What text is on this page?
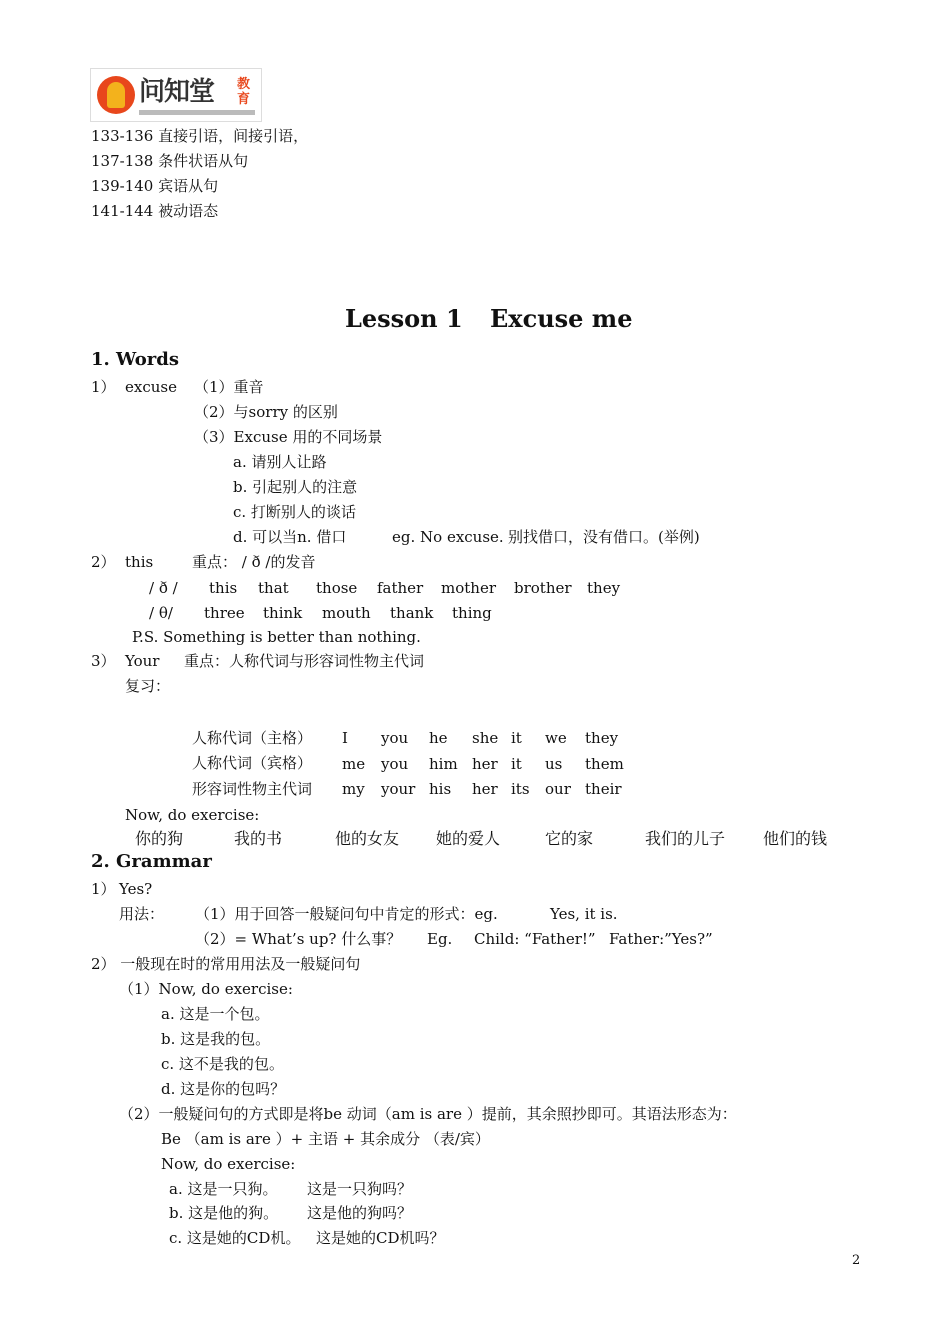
问知堂 教育
133-136 直接引语，间接引语，
137-138 条件状语从句
139-140 宾语从句
141-144 被动语态
Lesson 1 Excuse me
1. Words
1） excuse （1）重音
（2）与sorry 的区别
（3）Excuse 用的不同场景
a. 请别人让路
b. 引起别人的注意
c. 打断别人的谈话
d. 可以当n. 借口	eg. No excuse. 别找借口，没有借口。(举例)
2） this	重点： / ð /的发音
/ ð / this that those father mother brother they
/ θ/ three think mouth thank thing
P.S. Something is better than nothing.
3） Your 重点：人称代词与形容词性物主代词
复习：
人称代词（主格） I you he she it we they
人称代词（宾格） me you him her it us them
形容词性物主代词 my your his her its our their
Now, do exercise:
你的狗	我的书	他的女友 她的爱人	它的家	我们的儿子 他们的钱
2. Grammar
1） Yes?
用法： （1）用于回答一般疑问句中肯定的形式：eg.	Yes, it is.
（2）= What’s up? 什么事？ Eg. Child: “Father!” Father:”Yes?”
2） 一般现在时的常用用法及一般疑问句
（1）Now, do exercise:
a. 这是一个包。
b. 这是我的包。
c. 这不是我的包。
d. 这是你的包吗？
（2）一般疑问句的方式即是将be 动词（am is are ）提前，其余照抄即可。其语法形态为：
Be （am is are ）+ 主语 + 其余成分 （表/宾）
Now, do exercise:
a. 这是一只狗。 这是一只狗吗？
b. 这是他的狗。 这是他的狗吗？
c. 这是她的CD机。 这是她的CD机吗？
2
